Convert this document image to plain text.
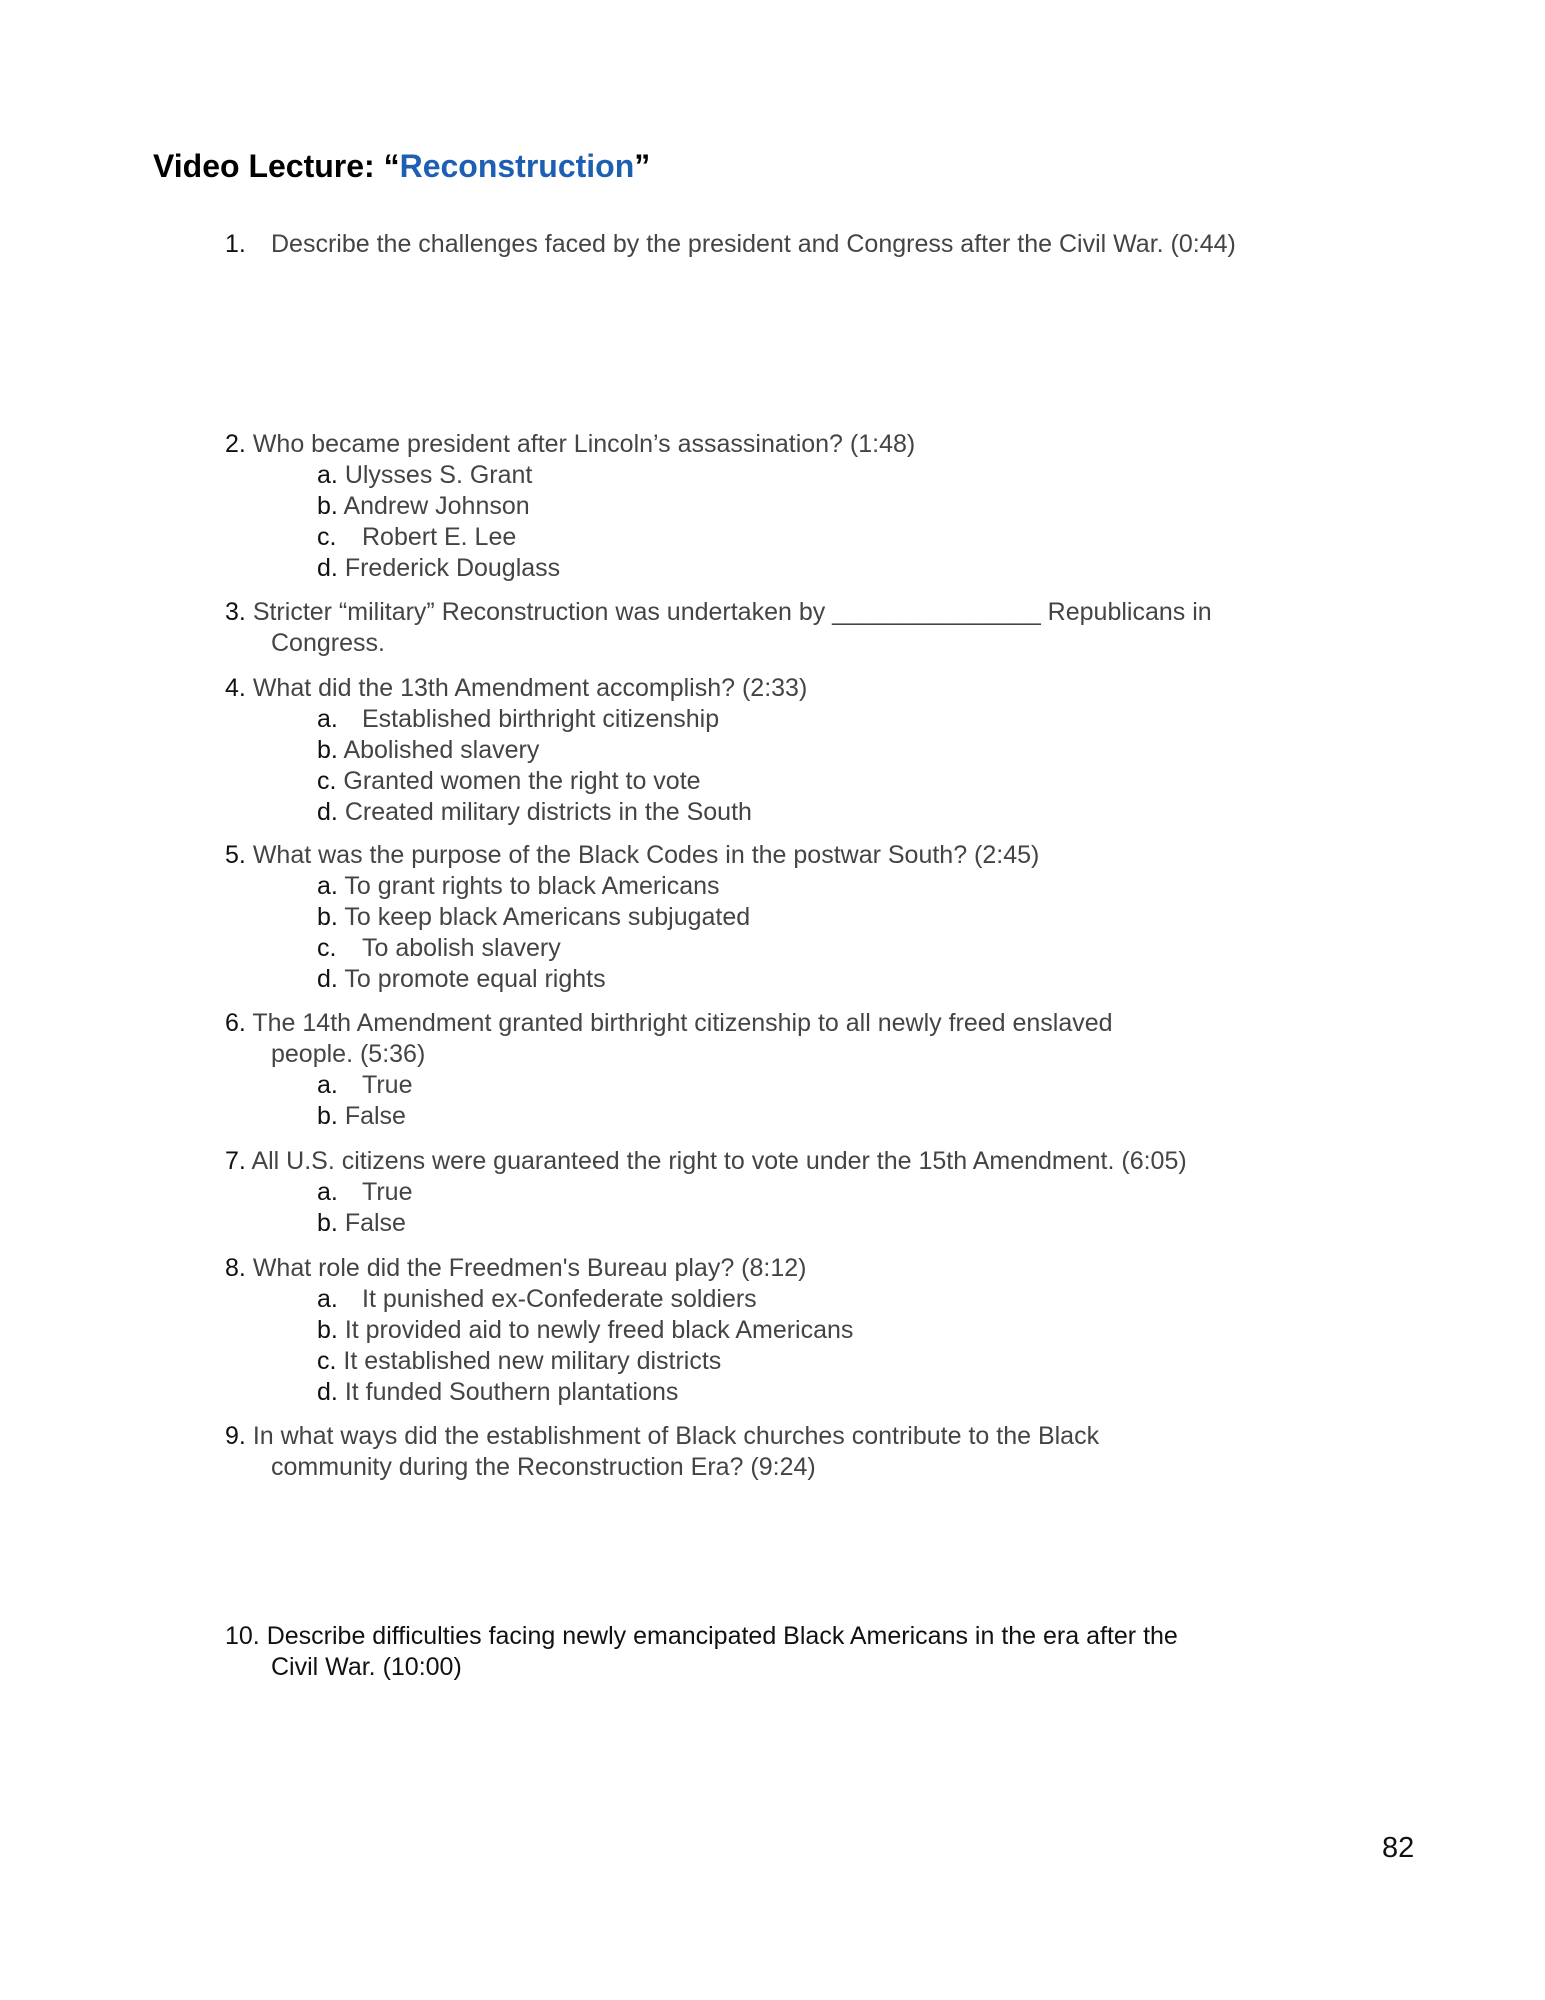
Video Lecture: “Reconstruction”
1. Describe the challenges faced by the president and Congress after the Civil War. (0:44)
2. Who became president after Lincoln’s assassination? (1:48)
a. Ulysses S. Grant
b. Andrew Johnson
c. Robert E. Lee
d. Frederick Douglass
3. Stricter “military” Reconstruction was undertaken by _______________ Republicans in
Congress.
4. What did the 13th Amendment accomplish? (2:33)
a. Established birthright citizenship
b. Abolished slavery
c. Granted women the right to vote
d. Created military districts in the South
5. What was the purpose of the Black Codes in the postwar South? (2:45)
a. To grant rights to black Americans
b. To keep black Americans subjugated
c. To abolish slavery
d. To promote equal rights
6. The 14th Amendment granted birthright citizenship to all newly freed enslaved
people. (5:36)
a. True
b. False
7. All U.S. citizens were guaranteed the right to vote under the 15th Amendment. (6:05)
a. True
b. False
8. What role did the Freedmen's Bureau play? (8:12)
a. It punished ex-Confederate soldiers
b. It provided aid to newly freed black Americans
c. It established new military districts
d. It funded Southern plantations
9. In what ways did the establishment of Black churches contribute to the Black
community during the Reconstruction Era? (9:24)
10. Describe difficulties facing newly emancipated Black Americans in the era after the
Civil War. (10:00)
82
